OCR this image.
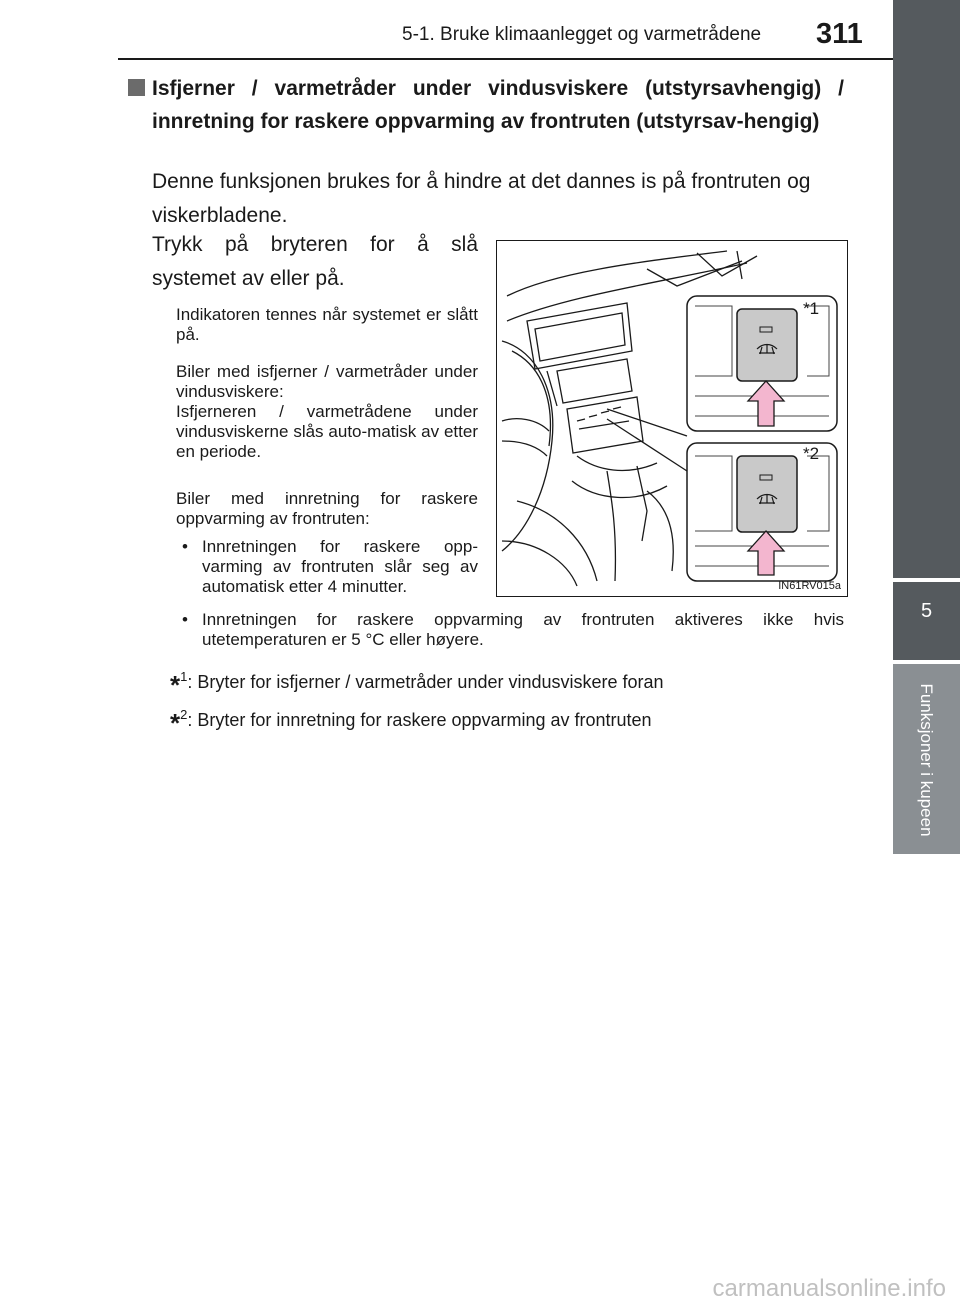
5-1. Bruke klimaanlegget og varmetrådene 311
5
Funksjoner i kupeen
Isfjerner / varmetråder under vindusviskere (utstyrsavhengig) / innretning for raskere oppvarming av frontruten (utstyrsav-hengig)
Denne funksjonen brukes for å hindre at det dannes is på frontruten og viskerbladene.
Trykk på bryteren for å slå systemet av eller på.
Indikatoren tennes når systemet er slått på.
Biler med isfjerner / varmetråder under vindusviskere:
Isfjerneren / varmetrådene under vindusviskerne slås auto-matisk av etter en periode.
Biler med innretning for raskere oppvarming av frontruten:
• Innretningen for raskere opp-varming av frontruten slår seg av automatisk etter 4 minutter.
• Innretningen for raskere oppvarming av frontruten aktiveres ikke hvis utetemperaturen er 5 °C eller høyere.
*$^1$: Bryter for isfjerner / varmetråder under vindusviskere foran
*$^2$: Bryter for innretning for raskere oppvarming av frontruten
*1
*2
IN61RV015a
carmanualsonline.info
